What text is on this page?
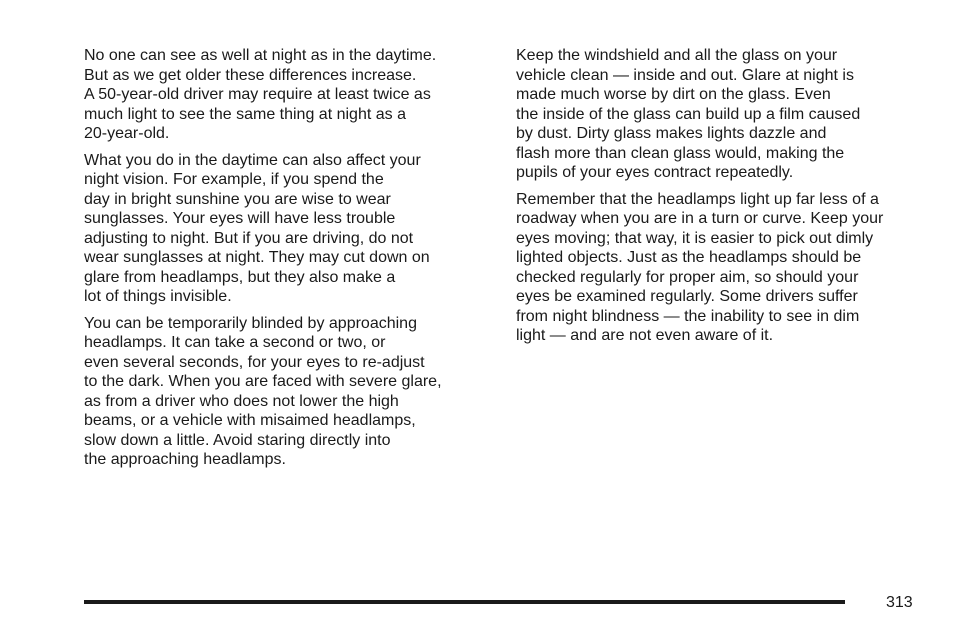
No one can see as well at night as in the daytime.
But as we get older these differences increase.
A 50-year-old driver may require at least twice as
much light to see the same thing at night as a
20-year-old.

What you do in the daytime can also affect your
night vision. For example, if you spend the
day in bright sunshine you are wise to wear
sunglasses. Your eyes will have less trouble
adjusting to night. But if you are driving, do not
wear sunglasses at night. They may cut down on
glare from headlamps, but they also make a
lot of things invisible.

You can be temporarily blinded by approaching
headlamps. It can take a second or two, or
even several seconds, for your eyes to re-adjust
to the dark. When you are faced with severe glare,
as from a driver who does not lower the high
beams, or a vehicle with misaimed headlamps,
slow down a little. Avoid staring directly into
the approaching headlamps.

Keep the windshield and all the glass on your
vehicle clean — inside and out. Glare at night is
made much worse by dirt on the glass. Even
the inside of the glass can build up a film caused
by dust. Dirty glass makes lights dazzle and
flash more than clean glass would, making the
pupils of your eyes contract repeatedly.

Remember that the headlamps light up far less of a
roadway when you are in a turn or curve. Keep your
eyes moving; that way, it is easier to pick out dimly
lighted objects. Just as the headlamps should be
checked regularly for proper aim, so should your
eyes be examined regularly. Some drivers suffer
from night blindness — the inability to see in dim
light — and are not even aware of it.

313
